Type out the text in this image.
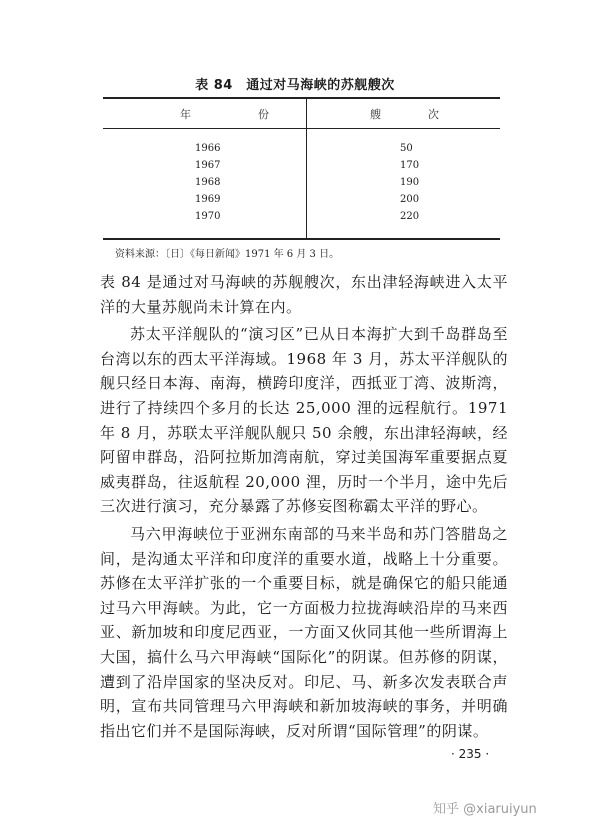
表 84　通过对马海峡的苏舰艘次
年　份	艘　次
1966	50
1967	170
1968	190
1969	200
1970	220
资料来源：〔日〕《每日新闻》1971 年 6 月 3 日。

表 84 是通过对马海峡的苏舰艘次，东出津轻海峡进入太平洋的大量苏舰尚未计算在内。

苏太平洋舰队的“演习区”已从日本海扩大到千岛群岛至台湾以东的西太平洋海域。1968 年 3 月，苏太平洋舰队的舰只经日本海、南海，横跨印度洋，西抵亚丁湾、波斯湾，进行了持续四个多月的长达 25,000 浬的远程航行。1971 年 8 月，苏联太平洋舰队舰只 50 余艘，东出津轻海峡，经阿留申群岛，沿阿拉斯加湾南航，穿过美国海军重要据点夏威夷群岛，往返航程 20,000 浬，历时一个半月，途中先后三次进行演习，充分暴露了苏修妄图称霸太平洋的野心。

马六甲海峡位于亚洲东南部的马来半岛和苏门答腊岛之间，是沟通太平洋和印度洋的重要水道，战略上十分重要。苏修在太平洋扩张的一个重要目标，就是确保它的船只能通过马六甲海峡。为此，它一方面极力拉拢海峡沿岸的马来西亚、新加坡和印度尼西亚，一方面又伙同其他一些所谓海上大国，搞什么马六甲海峡“国际化”的阴谋。但苏修的阴谋，遭到了沿岸国家的坚决反对。印尼、马、新多次发表联合声明，宣布共同管理马六甲海峡和新加坡海峡的事务，并明确指出它们并不是国际海峡，反对所谓“国际管理”的阴谋。

· 235 ·
知乎 @xiaruiyun
